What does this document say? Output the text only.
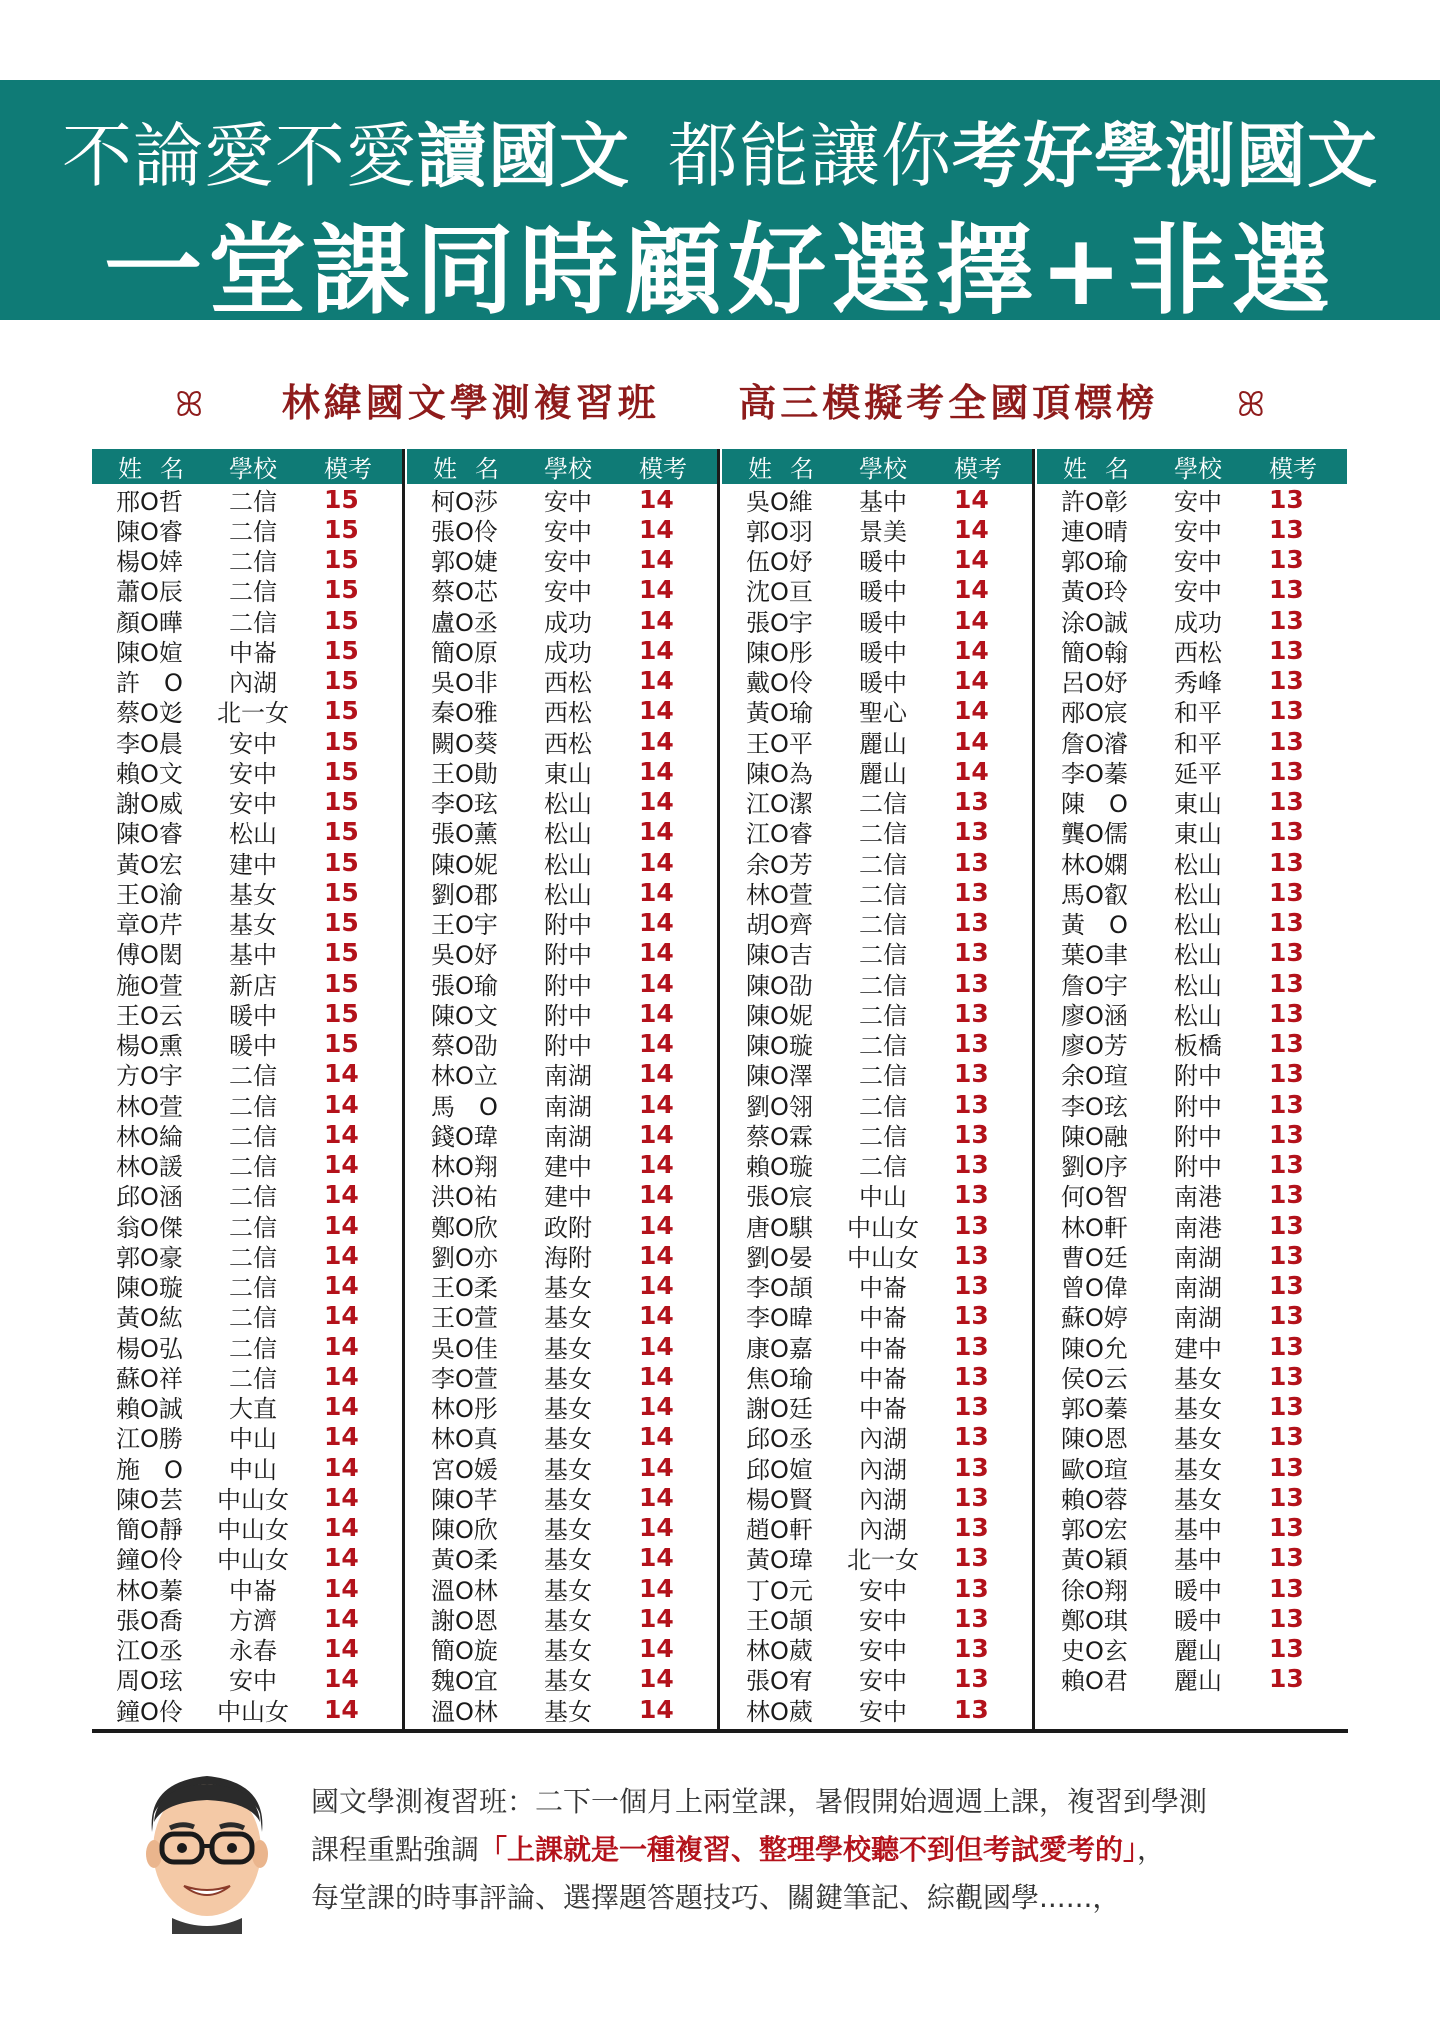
不論愛不愛讀國文 都能讓你考好學測國文
一堂課同時顧好選擇+非選
ꕤ 林緯國文學測複習班 高三模擬考全國頂標榜 ꕤ
姓名	學校	模考
邢O哲	二信	15
陳O睿	二信	15
楊O婞	二信	15
蕭O辰	二信	15
顏O曄	二信	15
陳O媗	中崙	15
許　O	內湖	15
蔡O彣	北一女	15
李O晨	安中	15
賴O文	安中	15
謝O威	安中	15
陳O睿	松山	15
黃O宏	建中	15
王O渝	基女	15
章O芹	基女	15
傅O閎	基中	15
施O萱	新店	15
王O云	暖中	15
楊O熏	暖中	15
方O宇	二信	14
林O萱	二信	14
林O綸	二信	14
林O諼	二信	14
邱O涵	二信	14
翁O傑	二信	14
郭O豪	二信	14
陳O璇	二信	14
黃O紘	二信	14
楊O弘	二信	14
蘇O祥	二信	14
賴O誠	大直	14
江O勝	中山	14
施　O	中山	14
陳O芸	中山女	14
簡O靜	中山女	14
鐘O伶	中山女	14
林O蓁	中崙	14
張O喬	方濟	14
江O丞	永春	14
周O玹	安中	14
鐘O伶	中山女	14
姓名	學校	模考
柯O莎	安中	14
張O伶	安中	14
郭O婕	安中	14
蔡O芯	安中	14
盧O丞	成功	14
簡O原	成功	14
吳O非	西松	14
秦O雅	西松	14
闕O葵	西松	14
王O勛	東山	14
李O玹	松山	14
張O薰	松山	14
陳O妮	松山	14
劉O郡	松山	14
王O宇	附中	14
吳O妤	附中	14
張O瑜	附中	14
陳O文	附中	14
蔡O劭	附中	14
林O立	南湖	14
馬　O	南湖	14
錢O瑋	南湖	14
林O翔	建中	14
洪O祐	建中	14
鄭O欣	政附	14
劉O亦	海附	14
王O柔	基女	14
王O萱	基女	14
吳O佳	基女	14
李O萱	基女	14
林O彤	基女	14
林O真	基女	14
宮O媛	基女	14
陳O芊	基女	14
陳O欣	基女	14
黃O柔	基女	14
溫O林	基女	14
謝O恩	基女	14
簡O旋	基女	14
魏O宜	基女	14
溫O林	基女	14
姓名	學校	模考
吳O維	基中	14
郭O羽	景美	14
伍O妤	暖中	14
沈O亘	暖中	14
張O宇	暖中	14
陳O彤	暖中	14
戴O伶	暖中	14
黃O瑜	聖心	14
王O平	麗山	14
陳O為	麗山	14
江O潔	二信	13
江O睿	二信	13
余O芳	二信	13
林O萱	二信	13
胡O齊	二信	13
陳O吉	二信	13
陳O劭	二信	13
陳O妮	二信	13
陳O璇	二信	13
陳O澤	二信	13
劉O翎	二信	13
蔡O霖	二信	13
賴O璇	二信	13
張O宸	中山	13
唐O騏	中山女	13
劉O晏	中山女	13
李O頡	中崙	13
李O暐	中崙	13
康O嘉	中崙	13
焦O瑜	中崙	13
謝O廷	中崙	13
邱O丞	內湖	13
邱O媗	內湖	13
楊O賢	內湖	13
趙O軒	內湖	13
黃O瑋	北一女	13
丁O元	安中	13
王O頡	安中	13
林O葳	安中	13
張O宥	安中	13
林O葳	安中	13
姓名	學校	模考
許O彰	安中	13
連O晴	安中	13
郭O瑜	安中	13
黃O玲	安中	13
涂O誠	成功	13
簡O翰	西松	13
呂O妤	秀峰	13
邴O宸	和平	13
詹O濬	和平	13
李O蓁	延平	13
陳　O	東山	13
龔O儒	東山	13
林O嫻	松山	13
馬O叡	松山	13
黃　O	松山	13
葉O聿	松山	13
詹O宇	松山	13
廖O涵	松山	13
廖O芳	板橋	13
余O瑄	附中	13
李O玹	附中	13
陳O融	附中	13
劉O序	附中	13
何O智	南港	13
林O軒	南港	13
曹O廷	南湖	13
曾O偉	南湖	13
蘇O婷	南湖	13
陳O允	建中	13
侯O云	基女	13
郭O蓁	基女	13
陳O恩	基女	13
歐O瑄	基女	13
賴O蓉	基女	13
郭O宏	基中	13
黃O穎	基中	13
徐O翔	暖中	13
鄭O琪	暖中	13
史O玄	麗山	13
賴O君	麗山	13

國文學測複習班：二下一個月上兩堂課，暑假開始週週上課，複習到學測

課程重點強調「上課就是一種複習、整理學校聽不到但考試愛考的」，

每堂課的時事評論、選擇題答題技巧、關鍵筆記、綜觀國學......，
